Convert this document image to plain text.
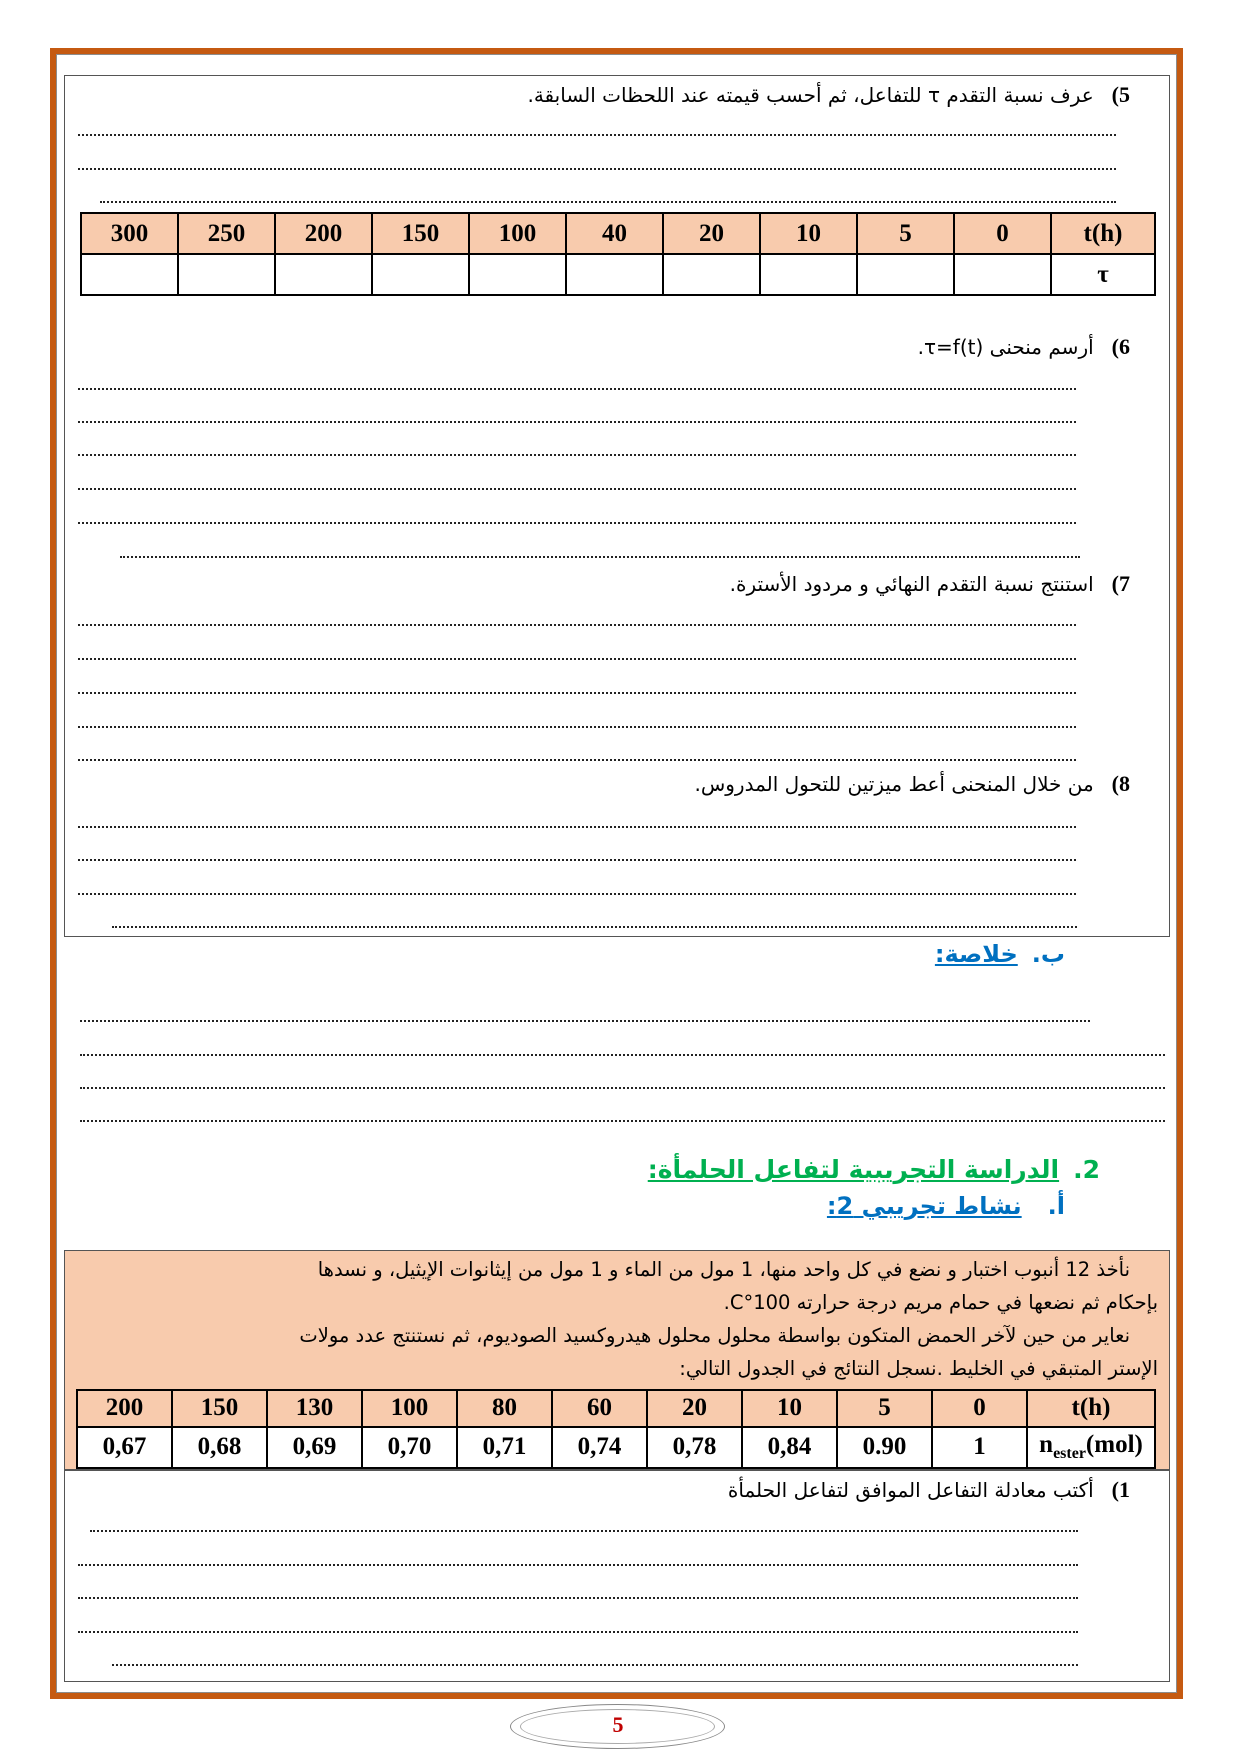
5)عرف نسبة التقدم τ للتفاعل، ثم أحسب قيمته عند اللحظات السابقة.
300	250	200	150	100	40	20	10	5	0	t(h)
										τ
6)أرسم منحنى τ=f(t).
7)استنتج نسبة التقدم النهائي و مردود الأسترة.
8)من خلال المنحنى أعط ميزتين للتحول المدروس.
ب.خلاصة:
2.الدراسة التجريبية لتفاعل الحلمأة:
أ.نشاط تجريبي 2:
نأخذ 12 أنبوب اختبار و نضع في كل واحد منها، 1 مول من الماء و 1 مول من إيثانوات الإيثيل، و نسدها
بإحكام ثم نضعها في حمام مريم درجة حرارته 100°C.
نعاير من حين لآخر الحمض المتكون بواسطة محلول محلول هيدروكسيد الصوديوم، ثم نستنتج عدد مولات
الإستر المتبقي في الخليط .نسجل النتائج في الجدول التالي:
200	150	130	100	80	60	20	10	5	0	t(h)
0,67	0,68	0,69	0,70	0,71	0,74	0,78	0,84	0.90	1	$n_{ester}(mol)$
1)أكتب معادلة التفاعل الموافق لتفاعل الحلمأة
5
